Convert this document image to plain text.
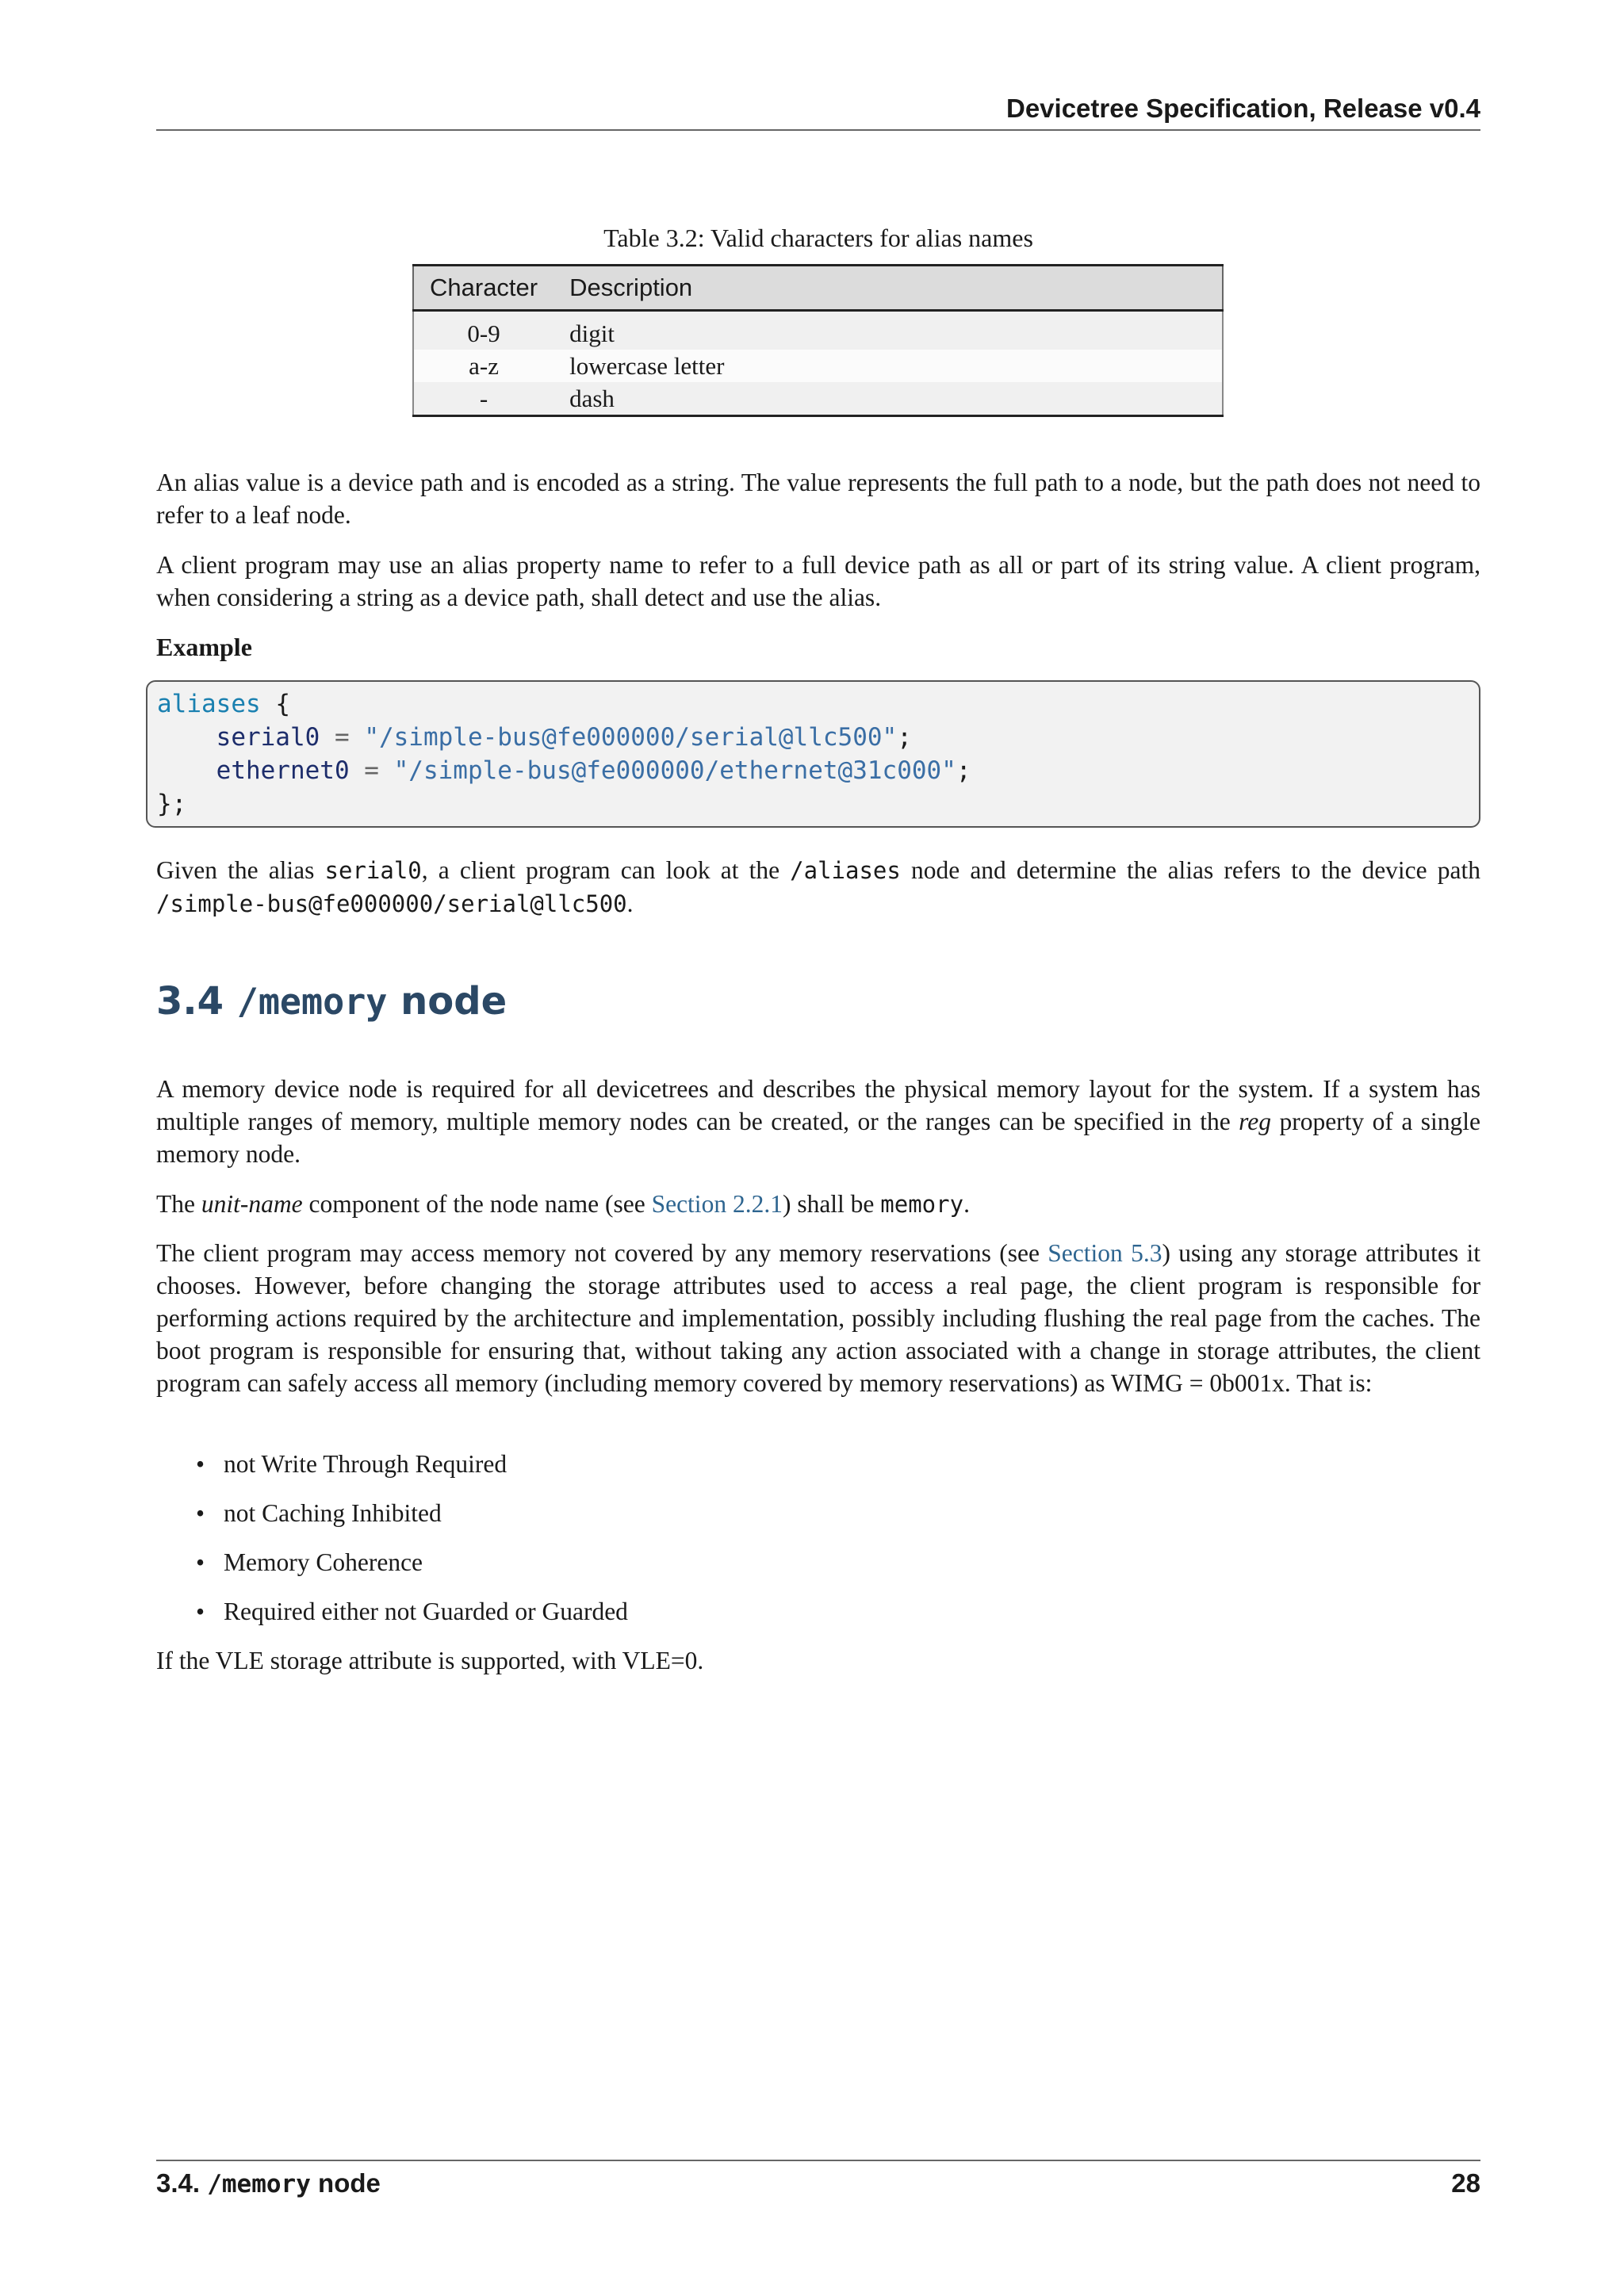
Devicetree Specification, Release v0.4
Table 3.2: Valid characters for alias names
Character	Description
0-9	digit
a-z	lowercase letter
-	dash

An alias value is a device path and is encoded as a string. The value represents the full path to a node, but the path does not need to refer to a leaf node.

A client program may use an alias property name to refer to a full device path as all or part of its string value. A client program, when considering a string as a device path, shall detect and use the alias.

Example

aliases {
serial0 = "/simple-bus@fe000000/serial@llc500";
ethernet0 = "/simple-bus@fe000000/ethernet@31c000";
};

Given the alias serial0, a client program can look at the /aliases node and determine the alias refers to the device path /simple-bus@fe000000/serial@llc500.

3.4 /memory node

A memory device node is required for all devicetrees and describes the physical memory layout for the system. If a system has multiple ranges of memory, multiple memory nodes can be created, or the ranges can be specified in the reg property of a single memory node.

The unit-name component of the node name (see Section 2.2.1) shall be memory.

The client program may access memory not covered by any memory reservations (see Section 5.3) using any storage attributes it chooses. However, before changing the storage attributes used to access a real page, the client program is responsible for performing actions required by the architecture and implementation, possibly including flushing the real page from the caches. The boot program is responsible for ensuring that, without taking any action associated with a change in storage attributes, the client program can safely access all memory (including memory covered by memory reservations) as WIMG = 0b001x. That is:

• not Write Through Required
• not Caching Inhibited
• Memory Coherence
• Required either not Guarded or Guarded

If the VLE storage attribute is supported, with VLE=0.

3.4. /memory node	28
